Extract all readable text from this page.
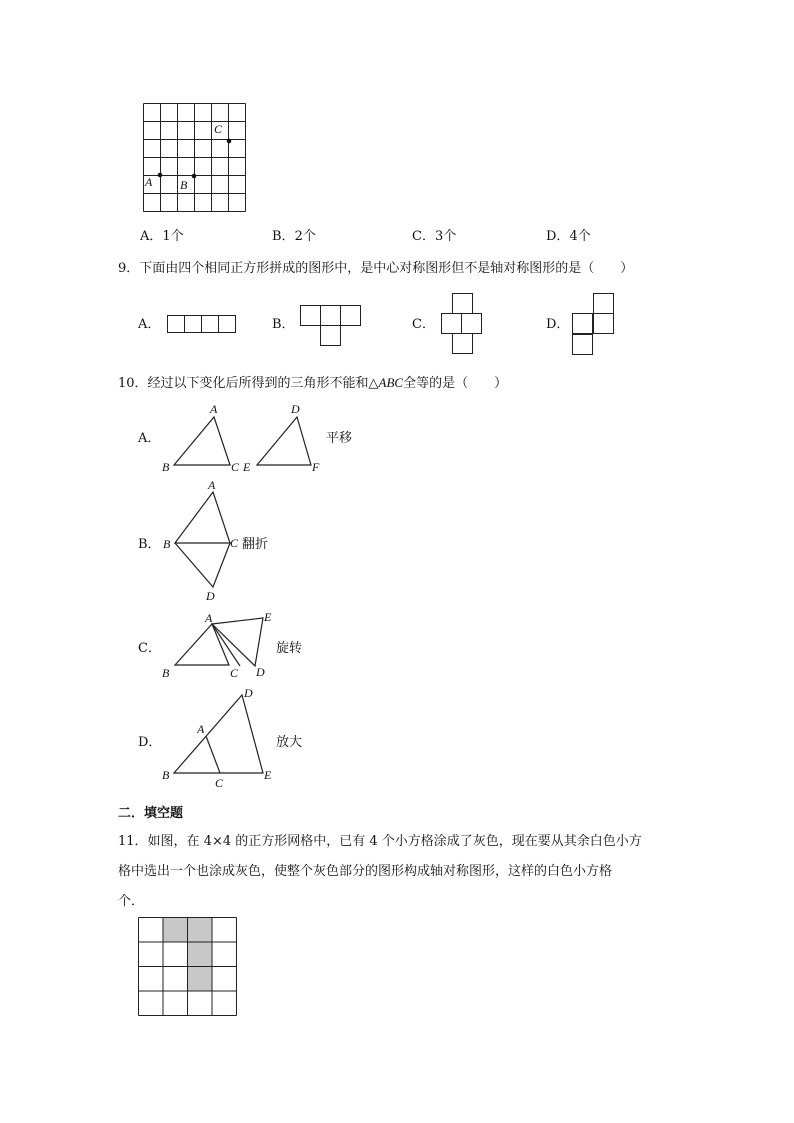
C
A B
A．1个	B．2个	C．3个	D．4个
9．下面由四个相同正方形拼成的图形中，是中心对称图形但不是轴对称图形的是（　　）
A．	B．	C．	D．
10．经过以下变化后所得到的三角形不能和△ABC全等的是（　　）
A．
A
B	C E
D
F
平移
B．
A
B	C
D
翻折
C．
A
B	C D
E
旋转
D．
D
A
B
C
E
放大
二．填空题
11．如图，在 4×4 的正方形网格中，已有 4 个小方格涂成了灰色，现在要从其余白色小方
格中选出一个也涂成灰色，使整个灰色部分的图形构成轴对称图形，这样的白色小方格
个．
